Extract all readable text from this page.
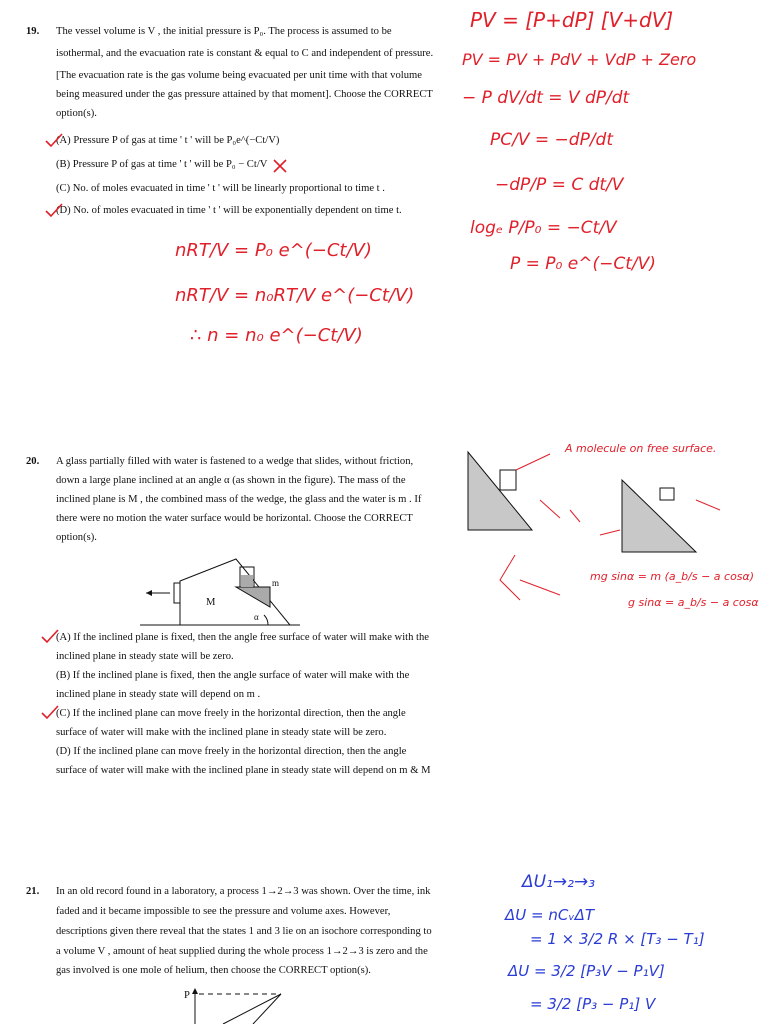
19. The vessel volume is V , the initial pressure is P₀. The process is assumed to be
isothermal, and the evacuation rate is constant & equal to C and independent of pressure.
[The evacuation rate is the gas volume being evacuated per unit time with that volume
being measured under the gas pressure attained by that moment]. Choose the CORRECT
option(s).
(A) Pressure P of gas at time ' t ' will be P₀e^(−Ct/V)
(B) Pressure P of gas at time ' t ' will be P₀ − Ct/V
(C) No. of moles evacuated in time ' t ' will be linearly proportional to time t .
(D) No. of moles evacuated in time ' t ' will be exponentially dependent on time t.
PV = [P+dP] [V+dV]
PV = PV + PdV + VdP + Zero
− P dV/dt = V dP/dt
PC/V = −dP/dt
−dP/P = C dt/V
logₑ P/P₀ = −Ct/V
P = P₀ e^(−Ct/V)
nRT/V = P₀ e^(−Ct/V)
nRT/V = n₀RT/V e^(−Ct/V)
∴ n = n₀ e^(−Ct/V)
20. A glass partially filled with water is fastened to a wedge that slides, without friction,
down a large plane inclined at an angle α (as shown in the figure). The mass of the
inclined plane is M , the combined mass of the wedge, the glass and the water is m . If
there were no motion the water surface would be horizontal. Choose the CORRECT
option(s).
M
m
α
(A) If the inclined plane is fixed, then the angle free surface of water will make with the
inclined plane in steady state will be zero.
(B) If the inclined plane is fixed, then the angle surface of water will make with the
inclined plane in steady state will depend on m .
(C) If the inclined plane can move freely in the horizontal direction, then the angle
surface of water will make with the inclined plane in steady state will be zero.
(D) If the inclined plane can move freely in the horizontal direction, then the angle
surface of water will make with the inclined plane in steady state will depend on m & M
A molecule on free surface.
mg sinα = m (a_b/s − a cosα)
g sinα = a_b/s − a cosα
21. In an old record found in a laboratory, a process 1→2→3 was shown. Over the time, ink
faded and it became impossible to see the pressure and volume axes. However,
descriptions given there reveal that the states 1 and 3 lie on an isochore corresponding to
a volume V , amount of heat supplied during the whole process 1→2→3 is zero and the
gas involved is one mole of helium, then choose the CORRECT option(s).
P
ΔU₁→₂→₃
ΔU = nCᵥΔT
= 1 × 3/2 R × [T₃ − T₁]
ΔU = 3/2 [P₃V − P₁V]
= 3/2 [P₃ − P₁] V
